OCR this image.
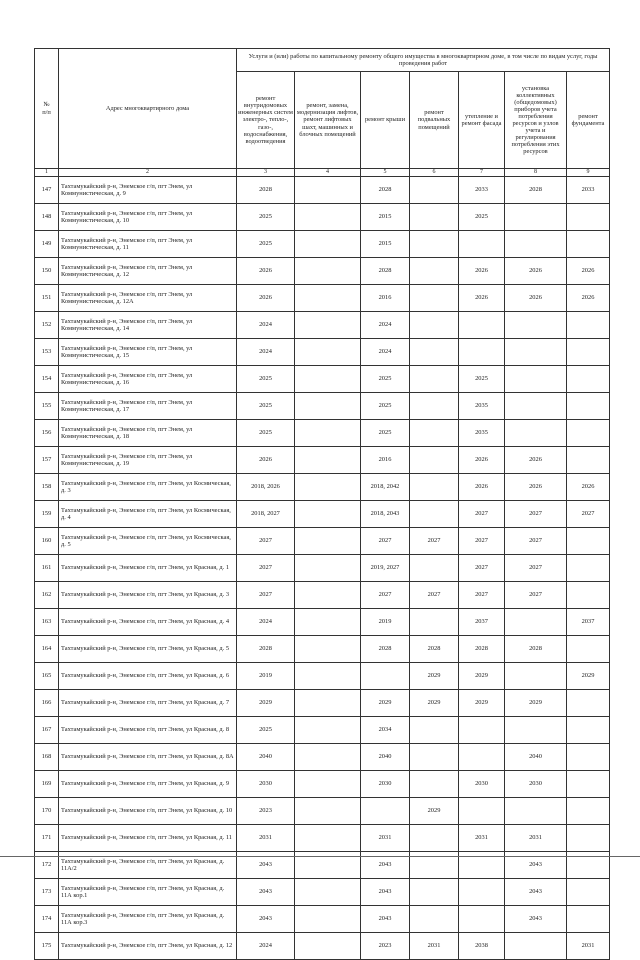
№
п/п	Адрес многоквартирного дома	Услуги и (или) работы по капитальному ремонту общего имущества в многоквартирном доме, в том числе по видам услуг, годы проведения работ						
		ремонт внутридомовых инженерных систем электро-, тепло-, газо-, водоснабжения, водоотведения	ремонт, замена, модернизация лифтов, ремонт лифтовых шахт, машинных и блочных помещений	ремонт крыши	ремонт подвальных помещений	утепление и ремонт фасада	установка коллективных (общедомовых) приборов учета потребления ресурсов и узлов учета и регулирования потребления этих ресурсов	ремонт фундамента
1	2	3	4	5	6	7	8	9
147	Тахтамукайский р-н, Энемское г/п, пгт Энем, ул Коммунистическая, д. 9	2028		2028		2033	2028	2033
148	Тахтамукайский р-н, Энемское г/п, пгт Энем, ул Коммунистическая, д. 10	2025		2015		2025		
149	Тахтамукайский р-н, Энемское г/п, пгт Энем, ул Коммунистическая, д. 11	2025		2015				
150	Тахтамукайский р-н, Энемское г/п, пгт Энем, ул Коммунистическая, д. 12	2026		2028		2026	2026	2026
151	Тахтамукайский р-н, Энемское г/п, пгт Энем, ул Коммунистическая, д. 12А	2026		2016		2026	2026	2026
152	Тахтамукайский р-н, Энемское г/п, пгт Энем, ул Коммунистическая, д. 14	2024		2024				
153	Тахтамукайский р-н, Энемское г/п, пгт Энем, ул Коммунистическая, д. 15	2024		2024				
154	Тахтамукайский р-н, Энемское г/п, пгт Энем, ул Коммунистическая, д. 16	2025		2025		2025		
155	Тахтамукайский р-н, Энемское г/п, пгт Энем, ул Коммунистическая, д. 17	2025		2025		2035		
156	Тахтамукайский р-н, Энемское г/п, пгт Энем, ул Коммунистическая, д. 18	2025		2025		2035		
157	Тахтамукайский р-н, Энемское г/п, пгт Энем, ул Коммунистическая, д. 19	2026		2016		2026	2026	
158	Тахтамукайский р-н, Энемское г/п, пгт Энем, ул Космическая, д. 3	2018, 2026		2018, 2042		2026	2026	2026
159	Тахтамукайский р-н, Энемское г/п, пгт Энем, ул Космическая, д. 4	2018, 2027		2018, 2043		2027	2027	2027
160	Тахтамукайский р-н, Энемское г/п, пгт Энем, ул Космическая, д. 5	2027		2027	2027	2027	2027	
161	Тахтамукайский р-н, Энемское г/п, пгт Энем, ул Красная, д. 1	2027		2019, 2027		2027	2027	
162	Тахтамукайский р-н, Энемское г/п, пгт Энем, ул Красная, д. 3	2027		2027	2027	2027	2027	
163	Тахтамукайский р-н, Энемское г/п, пгт Энем, ул Красная, д. 4	2024		2019		2037		2037
164	Тахтамукайский р-н, Энемское г/п, пгт Энем, ул Красная, д. 5	2028		2028	2028	2028	2028	
165	Тахтамукайский р-н, Энемское г/п, пгт Энем, ул Красная, д. 6	2019			2029	2029		2029
166	Тахтамукайский р-н, Энемское г/п, пгт Энем, ул Красная, д. 7	2029		2029	2029	2029	2029	
167	Тахтамукайский р-н, Энемское г/п, пгт Энем, ул Красная, д. 8	2025		2034				
168	Тахтамукайский р-н, Энемское г/п, пгт Энем, ул Красная, д. 8А	2040		2040			2040	
169	Тахтамукайский р-н, Энемское г/п, пгт Энем, ул Красная, д. 9	2030		2030		2030	2030	
170	Тахтамукайский р-н, Энемское г/п, пгт Энем, ул Красная, д. 10	2023			2029			
171	Тахтамукайский р-н, Энемское г/п, пгт Энем, ул Красная, д. 11	2031		2031		2031	2031	
172	Тахтамукайский р-н, Энемское г/п, пгт Энем, ул Красная, д. 11А/2	2043		2043			2043	
173	Тахтамукайский р-н, Энемское г/п, пгт Энем, ул Красная, д. 11А кор.1	2043		2043			2043	
174	Тахтамукайский р-н, Энемское г/п, пгт Энем, ул Красная, д. 11А кор.3	2043		2043			2043	
175	Тахтамукайский р-н, Энемское г/п, пгт Энем, ул Красная, д. 12	2024		2023	2031	2038		2031
